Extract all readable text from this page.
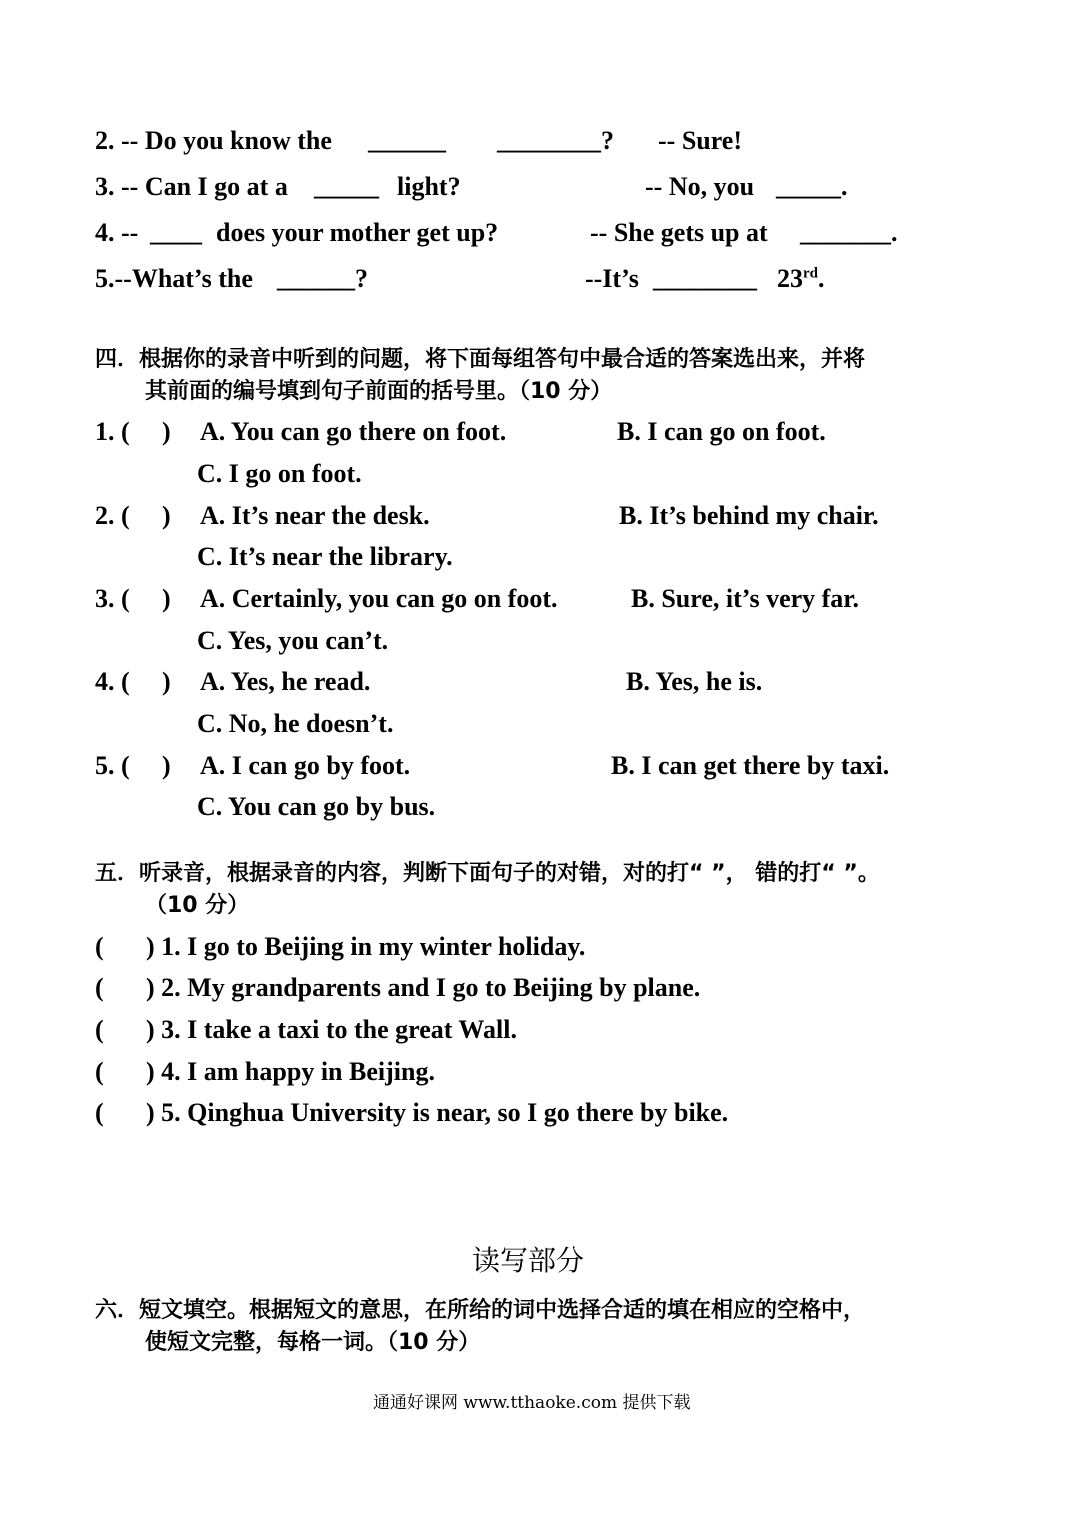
2. -- Do you know the ______ ________? -- Sure!
3. -- Can I go at a _____ light?	-- No, you _____.
4. -- ____ does your mother get up?	-- She gets up at _______.
5.--What’s the ______?	--It’s ________ 23rd.
四．根据你的录音中听到的问题，将下面每组答句中最合适的答案选出来，并将
其前面的编号填到句子前面的括号里。（10 分）
1. ( ) A. You can go there on foot.	B. I can go on foot.
C. I go on foot.
2. ( ) A. It’s near the desk.	B. It’s behind my chair.
C. It’s near the library.
3. ( ) A. Certainly, you can go on foot.	B. Sure, it’s very far.
C. Yes, you can’t.
4. ( ) A. Yes, he read.	B. Yes, he is.
C. No, he doesn’t.
5. ( ) A. I can go by foot.	B. I can get there by taxi.
C. You can go by bus.
五．听录音，根据录音的内容，判断下面句子的对错，对的打“ ”， 错的打“ ”。
（10 分）
( ) 1. I go to Beijing in my winter holiday.
( ) 2. My grandparents and I go to Beijing by plane.
( ) 3. I take a taxi to the great Wall.
( ) 4. I am happy in Beijing.
( ) 5. Qinghua University is near, so I go there by bike.
读写部分
六．短文填空。根据短文的意思，在所给的词中选择合适的填在相应的空格中，
使短文完整，每格一词。（10 分）
通通好课网 www.tthaoke.com 提供下载
